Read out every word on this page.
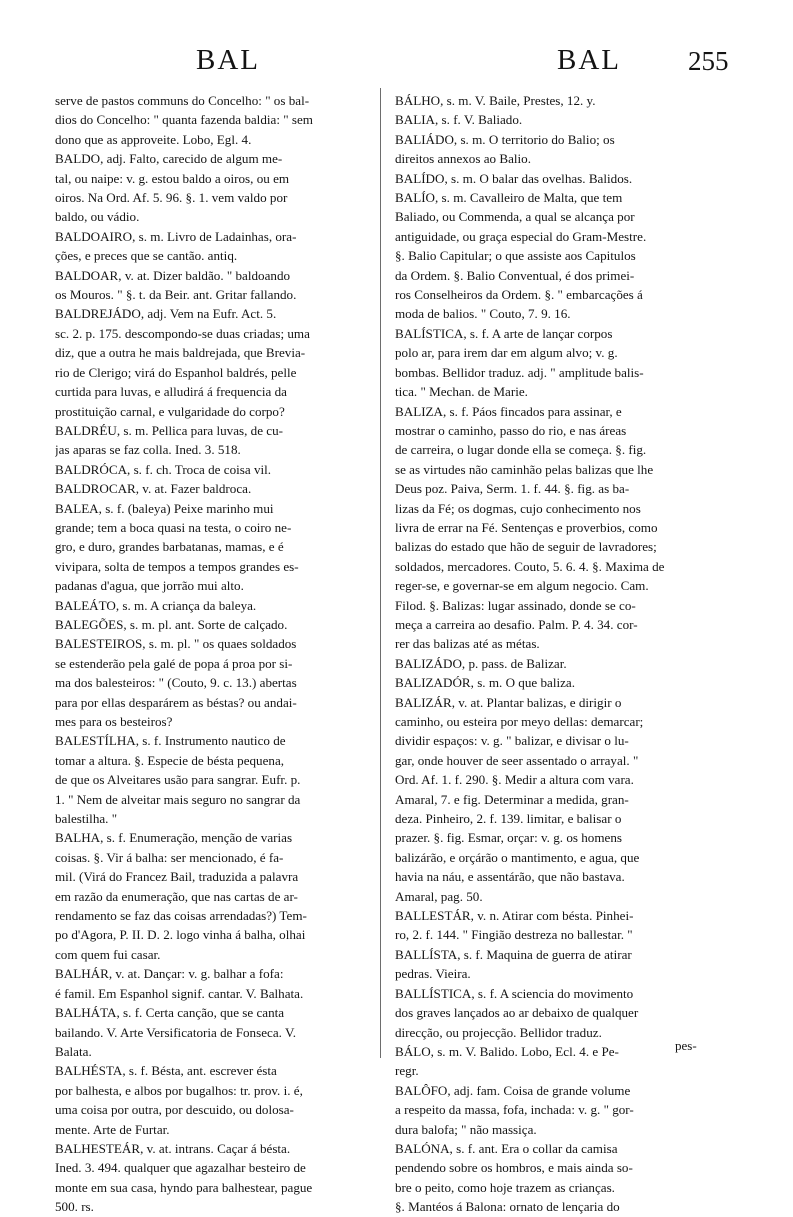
BAL	BAL 255
serve de pastos communs do Concelho: " os bal-
dios do Concelho: " quanta fazenda baldia: " sem
dono que as approveite. Lobo, Egl. 4.
BALDO, adj. Falto, carecido de algum me-
tal, ou naipe: v. g. estou baldo a oiros, ou em
oiros. Na Ord. Af. 5. 96. §. 1. vem valdo por
baldo, ou vádio.
BALDOAIRO, s. m. Livro de Ladainhas, ora-
ções, e preces que se cantão. antiq.
BALDOAR, v. at. Dizer baldão. " baldoando
os Mouros. " §. t. da Beir. ant. Gritar fallando.
BALDREJÁDO, adj. Vem na Eufr. Act. 5.
sc. 2. p. 175. descompondo-se duas criadas; uma
diz, que a outra he mais baldrejada, que Brevia-
rio de Clerigo; virá do Espanhol baldrés, pelle
curtida para luvas, e alludirá á frequencia da
prostituição carnal, e vulgaridade do corpo?
BALDRÉU, s. m. Pellica para luvas, de cu-
jas aparas se faz colla. Ined. 3. 518.
BALDRÓCA, s. f. ch. Troca de coisa vil.
BALDROCAR, v. at. Fazer baldroca.
BALEA, s. f. (baleya) Peixe marinho mui
grande; tem a boca quasi na testa, o coiro ne-
gro, e duro, grandes barbatanas, mamas, e é
vivipara, solta de tempos a tempos grandes es-
padanas d'agua, que jorrão mui alto.
BALEÁTO, s. m. A criança da baleya.
BALEGÕES, s. m. pl. ant. Sorte de calçado.
BALESTEIROS, s. m. pl. " os quaes soldados
se estenderão pela galé de popa á proa por si-
ma dos balesteiros: " (Couto, 9. c. 13.) abertas
para por ellas desparárem as béstas? ou andai-
mes para os besteiros?
BALESTÍLHA, s. f. Instrumento nautico de
tomar a altura. §. Especie de bésta pequena,
de que os Alveitares usão para sangrar. Eufr. p.
1. " Nem de alveitar mais seguro no sangrar da
balestilha. "
BALHA, s. f. Enumeração, menção de varias
coisas. §. Vir á balha: ser mencionado, é fa-
mil. (Virá do Francez Bail, traduzida a palavra
em razão da enumeração, que nas cartas de ar-
rendamento se faz das coisas arrendadas?) Tem-
po d'Agora, P. II. D. 2. logo vinha á balha, olhai
com quem fui casar.
BALHÁR, v. at. Dançar: v. g. balhar a fofa:
é famil. Em Espanhol signif. cantar. V. Balhata.
BALHÁTA, s. f. Certa canção, que se canta
bailando. V. Arte Versificatoria de Fonseca. V.
Balata.
BALHÉSTA, s. f. Bésta, ant. escrever ésta
por balhesta, e albos por bugalhos: tr. prov. i. é,
uma coisa por outra, por descuido, ou dolosa-
mente. Arte de Furtar.
BALHESTEÁR, v. at. intrans. Caçar á bésta.
Ined. 3. 494. qualquer que agazalhar besteiro de
monte em sua casa, hyndo para balhestear, pague
500. rs.
BÁLHO, s. m. V. Baile, Prestes, 12. y.
BALIA, s. f. V. Baliado.
BALIÁDO, s. m. O territorio do Balio; os
direitos annexos ao Balio.
BALÍDO, s. m. O balar das ovelhas. Balidos.
BALÍO, s. m. Cavalleiro de Malta, que tem
Baliado, ou Commenda, a qual se alcança por
antiguidade, ou graça especial do Gram-Mestre.
§. Balio Capitular; o que assiste aos Capitulos
da Ordem. §. Balio Conventual, é dos primei-
ros Conselheiros da Ordem. §. " embarcações á
moda de balios. " Couto, 7. 9. 16.
BALÍSTICA, s. f. A arte de lançar corpos
polo ar, para irem dar em algum alvo; v. g.
bombas. Bellidor traduz. adj. " amplitude balis-
tica. " Mechan. de Marie.
BALIZA, s. f. Páos fincados para assinar, e
mostrar o caminho, passo do rio, e nas áreas
de carreira, o lugar donde ella se começa. §. fig.
se as virtudes não caminhão pelas balizas que lhe
Deus poz. Paiva, Serm. 1. f. 44. §. fig. as ba-
lizas da Fé; os dogmas, cujo conhecimento nos
livra de errar na Fé. Sentenças e proverbios, como
balizas do estado que hão de seguir de lavradores;
soldados, mercadores. Couto, 5. 6. 4. §. Maxima de
reger-se, e governar-se em algum negocio. Cam.
Filod. §. Balizas: lugar assinado, donde se co-
meça a carreira ao desafio. Palm. P. 4. 34. cor-
rer das balizas até as métas.
BALIZÁDO, p. pass. de Balizar.
BALIZADÓR, s. m. O que baliza.
BALIZÁR, v. at. Plantar balizas, e dirigir o
caminho, ou esteira por meyo dellas: demarcar;
dividir espaços: v. g. " balizar, e divisar o lu-
gar, onde houver de seer assentado o arrayal. "
Ord. Af. 1. f. 290. §. Medir a altura com vara.
Amaral, 7. e fig. Determinar a medida, gran-
deza. Pinheiro, 2. f. 139. limitar, e balisar o
prazer. §. fig. Esmar, orçar: v. g. os homens
balizárão, e orçárão o mantimento, e agua, que
havia na náu, e assentárão, que não bastava.
Amaral, pag. 50.
BALLESTÁR, v. n. Atirar com bésta. Pinhei-
ro, 2. f. 144. " Fingião destreza no ballestar. "
BALLÍSTA, s. f. Maquina de guerra de atirar
pedras. Vieira.
BALLÍSTICA, s. f. A sciencia do movimento
dos graves lançados ao ar debaixo de qualquer
direcção, ou projecção. Bellidor traduz.
BÁLO, s. m. V. Balido. Lobo, Ecl. 4. e Pe-
regr.
BALÔFO, adj. fam. Coisa de grande volume
a respeito da massa, fofa, inchada: v. g. " gor-
dura balofa; " não massiça.
BALÓNA, s. f. ant. Era o collar da camisa
pendendo sobre os hombros, e mais ainda so-
bre o peito, como hoje trazem as crianças.
§. Mantéos á Balona: ornato de lençaria do
pes-
